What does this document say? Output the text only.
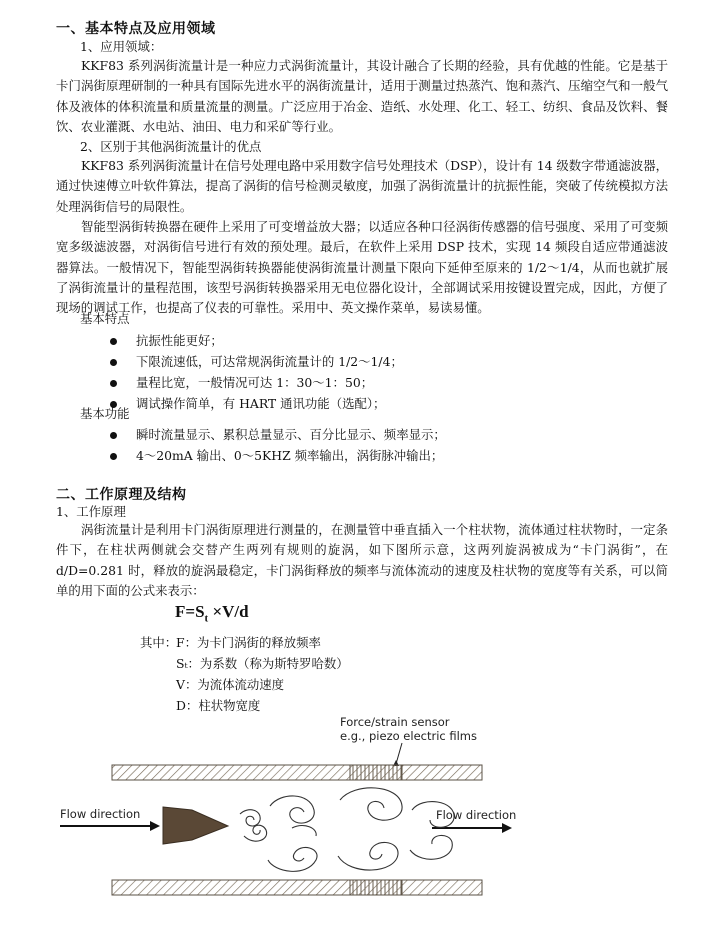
一、基本特点及应用领域
1、应用领域：
KKF83 系列涡街流量计是一种应力式涡街流量计，其设计融合了长期的经验，具有优越的性能。它是基于卡门涡街原理研制的一种具有国际先进水平的涡街流量计，适用于测量过热蒸汽、饱和蒸汽、压缩空气和一般气体及液体的体积流量和质量流量的测量。广泛应用于冶金、造纸、水处理、化工、轻工、纺织、食品及饮料、餐饮、农业灌溉、水电站、油田、电力和采矿等行业。
2、区别于其他涡街流量计的优点
KKF83 系列涡街流量计在信号处理电路中采用数字信号处理技术（DSP），设计有 14 级数字带通滤波器，通过快速傅立叶软件算法，提高了涡街的信号检测灵敏度，加强了涡街流量计的抗振性能，突破了传统模拟方法处理涡街信号的局限性。
智能型涡街转换器在硬件上采用了可变增益放大器；以适应各种口径涡街传感器的信号强度、采用了可变频宽多级滤波器，对涡街信号进行有效的预处理。最后，在软件上采用 DSP 技术，实现 14 频段自适应带通滤波器算法。一般情况下，智能型涡街转换器能使涡街流量计测量下限向下延伸至原来的 1/2～1/4，从而也就扩展了涡街流量计的量程范围，该型号涡街转换器采用无电位器化设计，全部调试采用按键设置完成，因此，方便了现场的调试工作，也提高了仪表的可靠性。采用中、英文操作菜单，易读易懂。
基本特点
抗振性能更好；
下限流速低，可达常规涡街流量计的 1/2～1/4；
量程比宽，一般情况可达 1：30～1：50；
调试操作简单，有 HART 通讯功能（选配）；
基本功能
瞬时流量显示、累积总量显示、百分比显示、频率显示；
4～20mA 输出、0～5KHZ 频率输出，涡街脉冲输出；
二、工作原理及结构
1、工作原理
涡街流量计是利用卡门涡街原理进行测量的，在测量管中垂直插入一个柱状物，流体通过柱状物时，一定条件下，在柱状两侧就会交替产生两列有规则的旋涡，如下图所示意，这两列旋涡被成为“卡门涡街”，在 d/D=0.281 时，释放的旋涡最稳定，卡门涡街释放的频率与流体流动的速度及柱状物的宽度等有关系，可以简单的用下面的公式来表示：
$F=S_t \times V/d$
其中：
F：为卡门涡街的释放频率
Sₜ：为系数（称为斯特罗哈数）
V：为流体流动速度
D：柱状物宽度
Force/strain sensor
e.g., piezo electric films
Flow direction	Flow direction
